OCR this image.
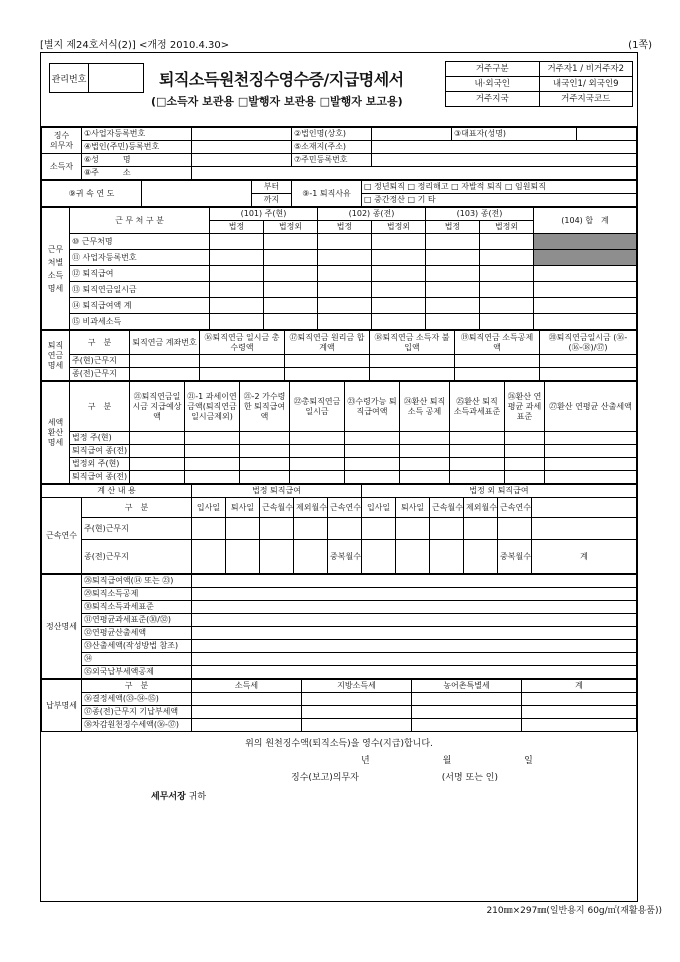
[별지 제24호서식(2)] <개정 2010.4.30>	(1쪽)
관리번호	퇴직소득원천징수영수증/지급명세서
(□소득자 보관용 □발행자 보관용 □발행자 보고용)
거주구분	거주자1 / 비거주자2
내·외국인	내국인1/ 외국인9
거주지국	거주지국코드
징수
의무자	①사업자등록번호		②법인명(상호)		③대표자(성명)	
	④법인(주민)등록번호		⑤소재지(주소)			
소득자	⑥성　　　명		⑦주민등록번호			
	⑧주　　　소					
⑨귀 속 연 도		부터	⑨-1 퇴직사유	□ 정년퇴직 □ 정리해고 □ 자발적 퇴직 □ 임원퇴직
		까지		□ 중간정산 □ 기 타
근무처별소득명세	근 무 처 구 분	(101) 주(현)		(102) 종(전)		(103) 종(전)		(104) 합　계
		법정	법정외	법정	법정외	법정	법정외	
	⑩ 근무처명							
	⑪ 사업자등록번호							
	⑫ 퇴직급여							
	⑬ 퇴직연금일시금							
	⑭ 퇴직급여액 계							
	⑮ 비과세소득							
퇴직연금명세	구　분	퇴직연금 계좌번호	⑯퇴직연금 일시금 총수령액	⑰퇴직연금 원리금 합계액	⑱퇴직연금 소득자 불입액	⑲퇴직연금 소득공제액	⑳퇴직연금일시금 (⑯-(⑯-⑱)/⑰)
	주(현)근무지						
	종(전)근무지						
세액환산명세	구　분	㉑퇴직연금일시금 지급예상액	㉑-1 과세이연금액(퇴직연금일시금제외)	㉑-2 가수령한 퇴직급여액	㉒총퇴직연금 일시금	㉓수령가능 퇴직급여액	㉔환산 퇴직소득 공제	㉕환산 퇴직 소득과세표준	㉖환산 연평균 과세표준	㉗환산 연평균 산출세액
	법정 주(현)									
	퇴직급여 종(전)									
	법정외 주(현)									
	퇴직급여 종(전)									
계 산 내 용		법정 퇴직급여					법정 외 퇴직급여					
근속연수	구　분	입사일	퇴사일	근속월수	제외월수	근속연수	입사일	퇴사일	근속월수	제외월수	근속연수	
	주(현)근무지											
	종(전)근무지					중복월수					중복월수	계
정산명세	㉘퇴직급여액(⑭ 또는 ㉓)	
	㉙퇴직소득공제	
	㉚퇴직소득과세표준	
	㉛연평균과세표준(㉚/㉜)	
	㉜연평균산출세액	
	㉝산출세액(작성방법 참조)	
	㉞	
	㉟외국납부세액공제	
납부명세	구　분	소득세	지방소득세	농어촌특별세	계
	㊱결정세액(㉝-㉞-㉟)				
	㊲종(전)근무지 기납부세액				
	㊳차감원천징수세액(㊱-㊲)				
위의 원천징수액(퇴직소득)을 영수(지급)합니다.
년	월	일
징수(보고)의무자	(서명 또는 인)
세무서장 귀하
210㎜×297㎜(일반용지 60g/㎡(재활용품))
